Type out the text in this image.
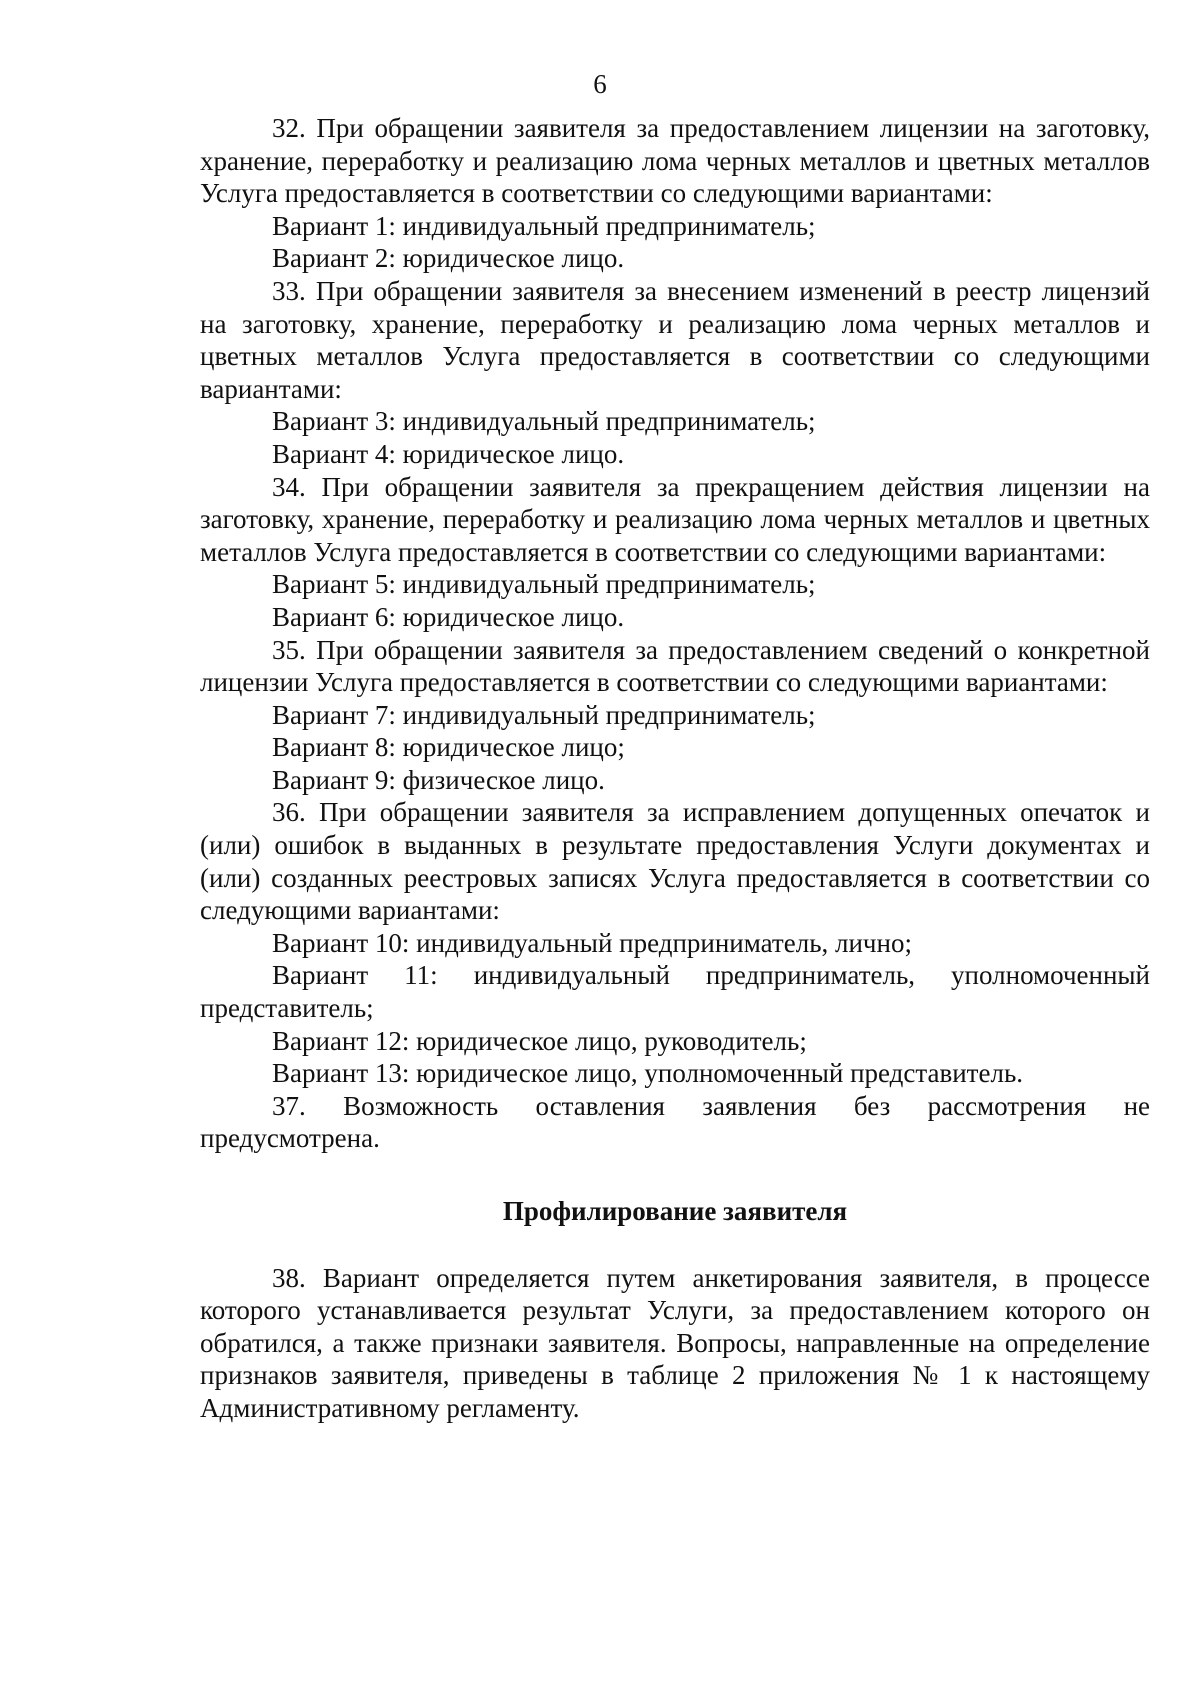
6

32. При обращении заявителя за предоставлением лицензии на заготовку, хранение, переработку и реализацию лома черных металлов и цветных металлов Услуга предоставляется в соответствии со следующими вариантами:

Вариант 1: индивидуальный предприниматель;

Вариант 2: юридическое лицо.

33. При обращении заявителя за внесением изменений в реестр лицензий на заготовку, хранение, переработку и реализацию лома черных металлов и цветных металлов Услуга предоставляется в соответствии со следующими вариантами:

Вариант 3: индивидуальный предприниматель;

Вариант 4: юридическое лицо.

34. При обращении заявителя за прекращением действия лицензии на заготовку, хранение, переработку и реализацию лома черных металлов и цветных металлов Услуга предоставляется в соответствии со следующими вариантами:

Вариант 5: индивидуальный предприниматель;

Вариант 6: юридическое лицо.

35. При обращении заявителя за предоставлением сведений о конкретной лицензии Услуга предоставляется в соответствии со следующими вариантами:

Вариант 7: индивидуальный предприниматель;

Вариант 8: юридическое лицо;

Вариант 9: физическое лицо.

36. При обращении заявителя за исправлением допущенных опечаток и (или) ошибок в выданных в результате предоставления Услуги документах и (или) созданных реестровых записях Услуга предоставляется в соответствии со следующими вариантами:

Вариант 10: индивидуальный предприниматель, лично;

Вариант 11: индивидуальный предприниматель, уполномоченный представитель;

Вариант 12: юридическое лицо, руководитель;

Вариант 13: юридическое лицо, уполномоченный представитель.

37. Возможность оставления заявления без рассмотрения не предусмотрена.

Профилирование заявителя

38. Вариант определяется путем анкетирования заявителя, в процессе которого устанавливается результат Услуги, за предоставлением которого он обратился, а также признаки заявителя. Вопросы, направленные на определение признаков заявителя, приведены в таблице 2 приложения № 1 к настоящему Административному регламенту.
